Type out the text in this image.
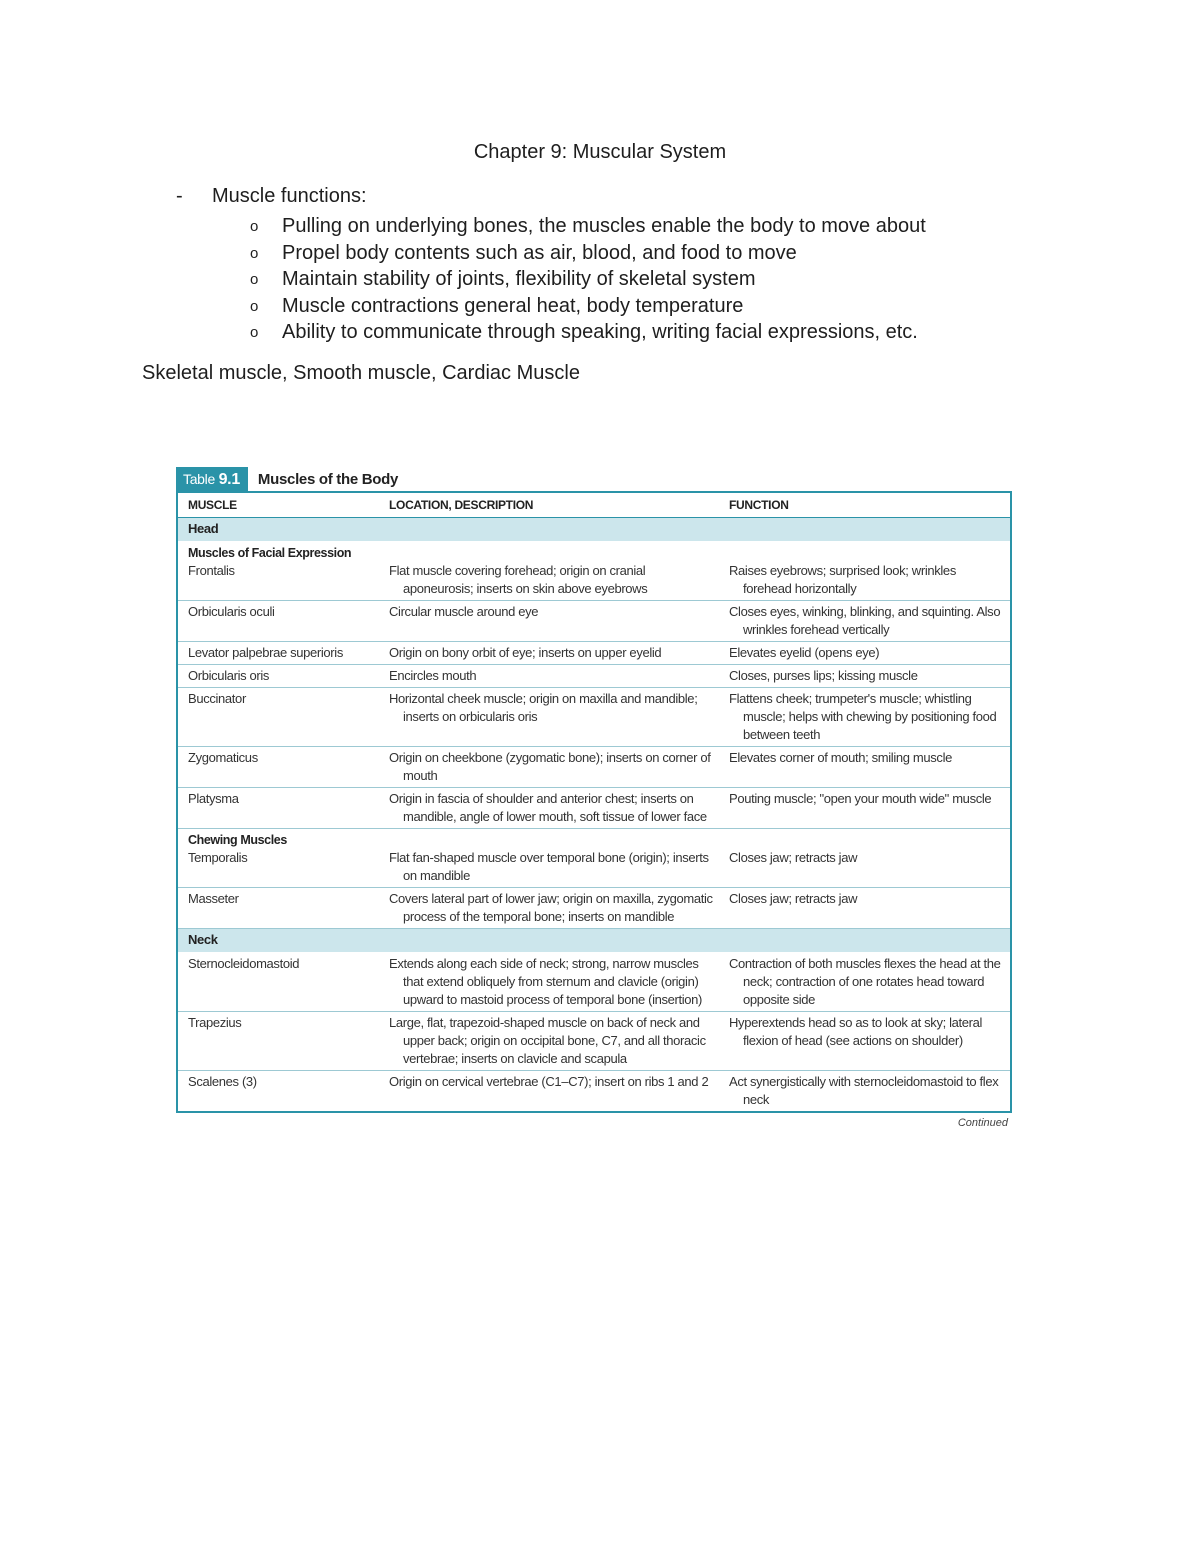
Chapter 9: Muscular System
- Muscle functions:
o Pulling on underlying bones, the muscles enable the body to move about
o Propel body contents such as air, blood, and food to move
o Maintain stability of joints, flexibility of skeletal system
o Muscle contractions general heat, body temperature
o Ability to communicate through speaking, writing facial expressions, etc.
Skeletal muscle, Smooth muscle, Cardiac Muscle
Table 9.1	Muscles of the Body
MUSCLE	LOCATION, DESCRIPTION	FUNCTION
Head		

Muscles of Facial Expression
Frontalis	Flat muscle covering forehead; origin on cranial aponeurosis; inserts on skin above eyebrows	Raises eyebrows; surprised look; wrinkles forehead horizontally

Orbicularis oculi	Circular muscle around eye	Closes eyes, winking, blinking, and squinting. Also wrinkles forehead vertically

Levator palpebrae superioris	Origin on bony orbit of eye; inserts on upper eyelid	Elevates eyelid (opens eye)

Orbicularis oris	Encircles mouth	Closes, purses lips; kissing muscle

Buccinator	Horizontal cheek muscle; origin on maxilla and mandible; inserts on orbicularis oris	Flattens cheek; trumpeter's muscle; whistling muscle; helps with chewing by positioning food between teeth

Zygomaticus	Origin on cheekbone (zygomatic bone); inserts on corner of mouth	Elevates corner of mouth; smiling muscle

Platysma	Origin in fascia of shoulder and anterior chest; inserts on mandible, angle of lower mouth, soft tissue of lower face	Pouting muscle; "open your mouth wide" muscle

Chewing Muscles
Temporalis	Flat fan-shaped muscle over temporal bone (origin); inserts on mandible	Closes jaw; retracts jaw

Masseter	Covers lateral part of lower jaw; origin on maxilla, zygomatic process of the temporal bone; inserts on mandible	Closes jaw; retracts jaw
Neck		

Sternocleidomastoid	Extends along each side of neck; strong, narrow muscles that extend obliquely from sternum and clavicle (origin) upward to mastoid process of temporal bone (insertion)	Contraction of both muscles flexes the head at the neck; contraction of one rotates head toward opposite side

Trapezius	Large, flat, trapezoid-shaped muscle on back of neck and upper back; origin on occipital bone, C7, and all thoracic vertebrae; inserts on clavicle and scapula	Hyperextends head so as to look at sky; lateral flexion of head (see actions on shoulder)

Scalenes (3)	Origin on cervical vertebrae (C1–C7); insert on ribs 1 and 2	Act synergistically with sternocleidomastoid to flex neck
Continued
